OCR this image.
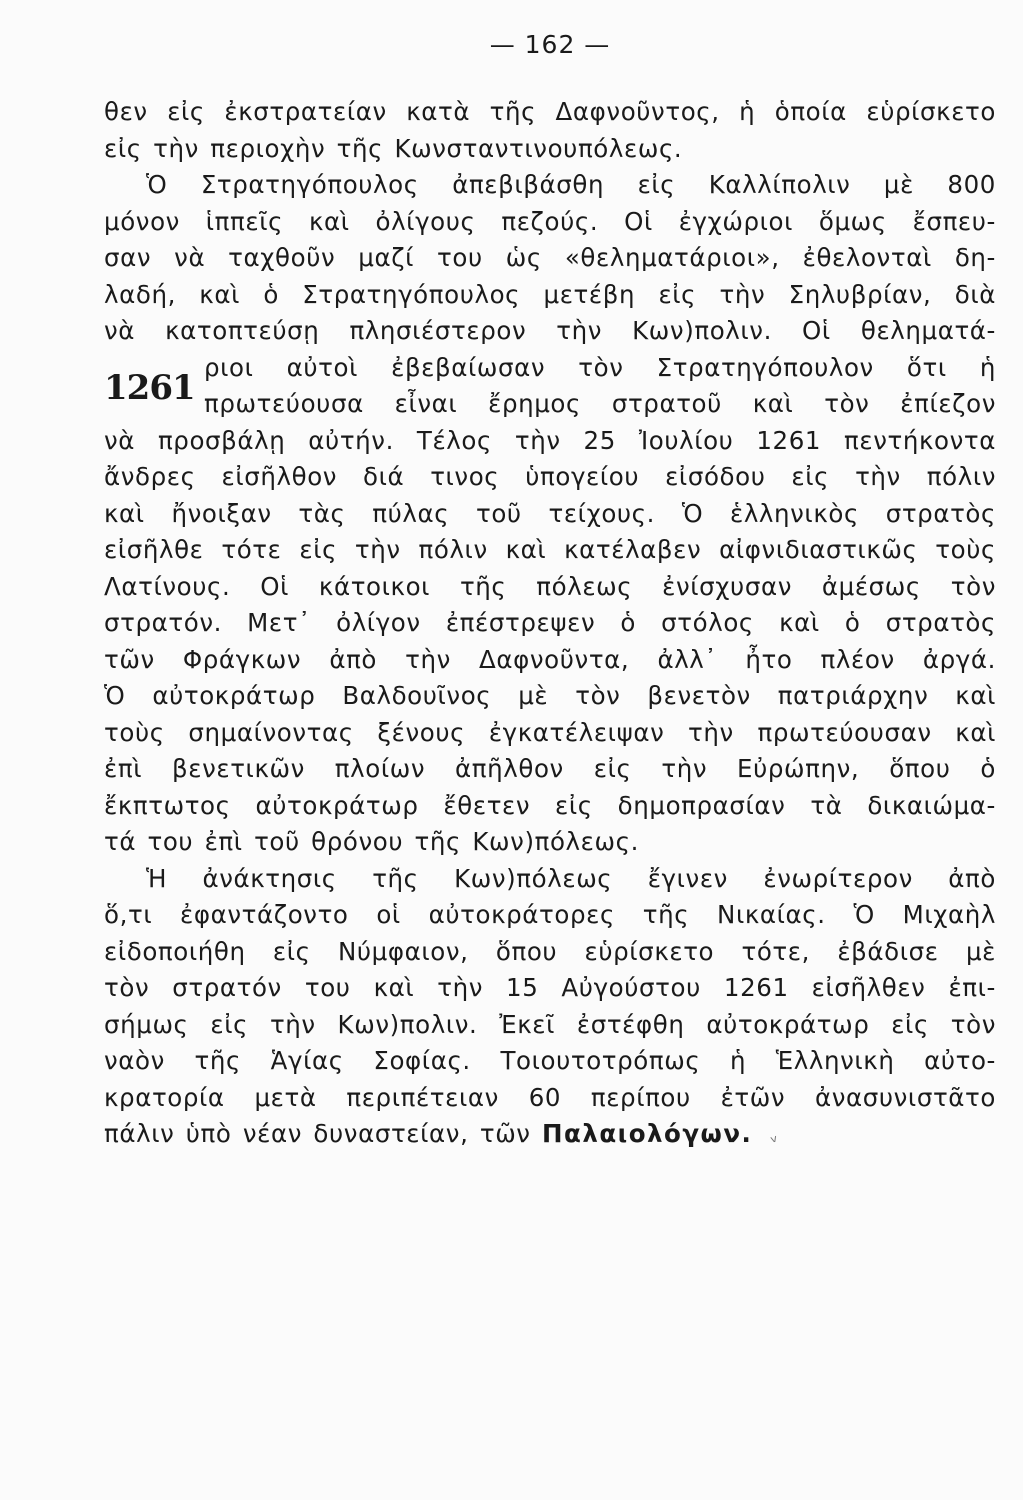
— 162 —
θεν εἰς ἐκστρατείαν κατὰ τῆς Δαφνοῦντος, ἡ ὁποία εὑρίσκετο
εἰς τὴν περιοχὴν τῆς Κωνσταντινουπόλεως.
Ὁ Στρατηγόπουλος ἀπεβιβάσθη εἰς Καλλίπολιν μὲ 800
μόνον ἱππεῖς καὶ ὀλίγους πεζούς. Οἱ ἐγχώριοι ὅμως ἔσπευ-
σαν νὰ ταχθοῦν μαζί του ὡς «θεληματάριοι», ἐθελονταὶ δη-
λαδή, καὶ ὁ Στρατηγόπουλος μετέβη εἰς τὴν Σηλυβρίαν, διὰ
νὰ κατοπτεύσῃ πλησιέστερον τὴν Κων)πολιν. Οἱ θεληματά-
1261
ριοι αὐτοὶ ἐβεβαίωσαν τὸν Στρατηγόπουλον ὅτι ἡ
πρωτεύουσα εἶναι ἔρημος στρατοῦ καὶ τὸν ἐπίεζον
νὰ προσβάλῃ αὐτήν. Τέλος τὴν 25 Ἰουλίου 1261 πεντήκοντα
ἄνδρες εἰσῆλθον διά τινος ὑπογείου εἰσόδου εἰς τὴν πόλιν
καὶ ἤνοιξαν τὰς πύλας τοῦ τείχους. Ὁ ἑλληνικὸς στρατὸς
εἰσῆλθε τότε εἰς τὴν πόλιν καὶ κατέλαβεν αἰφνιδιαστικῶς τοὺς
Λατίνους. Οἱ κάτοικοι τῆς πόλεως ἐνίσχυσαν ἀμέσως τὸν
στρατόν. Μετ᾽ ὀλίγον ἐπέστρεψεν ὁ στόλος καὶ ὁ στρατὸς
τῶν Φράγκων ἀπὸ τὴν Δαφνοῦντα, ἀλλ᾽ ἦτο πλέον ἀργά.
Ὁ αὐτοκράτωρ Βαλδουῖνος μὲ τὸν βενετὸν πατριάρχην καὶ
τοὺς σημαίνοντας ξένους ἐγκατέλειψαν τὴν πρωτεύουσαν καὶ
ἐπὶ βενετικῶν πλοίων ἀπῆλθον εἰς τὴν Εὐρώπην, ὅπου ὁ
ἔκπτωτος αὐτοκράτωρ ἔθετεν εἰς δημοπρασίαν τὰ δικαιώμα-
τά του ἐπὶ τοῦ θρόνου τῆς Κων)πόλεως.
Ἡ ἀνάκτησις τῆς Κων)πόλεως ἔγινεν ἐνωρίτερον ἀπὸ
ὅ,τι ἐφαντάζοντο οἱ αὐτοκράτορες τῆς Νικαίας. Ὁ Μιχαὴλ
εἰδοποιήθη εἰς Νύμφαιον, ὅπου εὑρίσκετο τότε, ἐβάδισε μὲ
τὸν στρατόν του καὶ τὴν 15 Αὐγούστου 1261 εἰσῆλθεν ἐπι-
σήμως εἰς τὴν Κων)πολιν. Ἐκεῖ ἐστέφθη αὐτοκράτωρ εἰς τὸν
ναὸν τῆς Ἁγίας Σοφίας. Τοιουτοτρόπως ἡ Ἑλληνικὴ αὐτο-
κρατορία μετὰ περιπέτειαν 60 περίπου ἐτῶν ἀνασυνιστᾶτο
πάλιν ὑπὸ νέαν δυναστείαν, τῶν Παλαιολόγων. ᵥ
